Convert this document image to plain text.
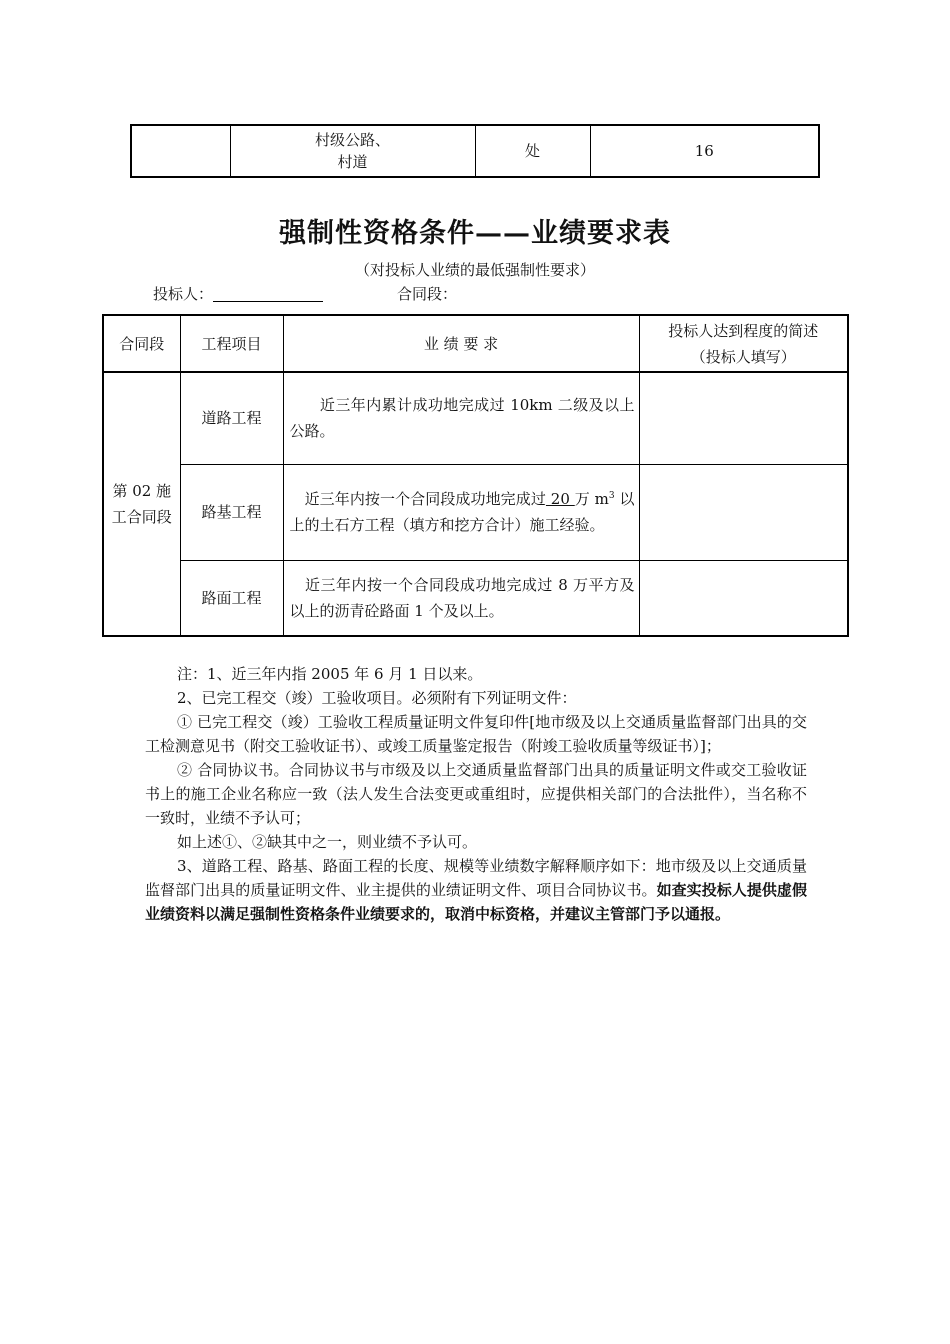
	村级公路、
村道	处	16
强制性资格条件——业绩要求表
（对投标人业绩的最低强制性要求）
投标人：	合同段：
合同段	工程项目	业 绩 要 求	投标人达到程度的简述
（投标人填写）
第 02 施
工合同段	道路工程	近三年内累计成功地完成过 10km 二级及以上公路。	
	路基工程	近三年内按一个合同段成功地完成过 20 万 $m^3$ 以上的土石方工程（填方和挖方合计）施工经验。	
	路面工程	近三年内按一个合同段成功地完成过 8 万平方及以上的沥青砼路面 1 个及以上。	

注：1、近三年内指 2005 年 6 月 1 日以来。

2、已完工程交（竣）工验收项目。必须附有下列证明文件：

① 已完工程交（竣）工验收工程质量证明文件复印件[地市级及以上交通质量监督部门出具的交工检测意见书（附交工验收证书）、或竣工质量鉴定报告（附竣工验收质量等级证书）]；

② 合同协议书。合同协议书与市级及以上交通质量监督部门出具的质量证明文件或交工验收证书上的施工企业名称应一致（法人发生合法变更或重组时，应提供相关部门的合法批件），当名称不一致时，业绩不予认可；

如上述①、②缺其中之一，则业绩不予认可。

3、道路工程、路基、路面工程的长度、规模等业绩数字解释顺序如下：地市级及以上交通质量监督部门出具的质量证明文件、业主提供的业绩证明文件、项目合同协议书。如查实投标人提供虚假业绩资料以满足强制性资格条件业绩要求的，取消中标资格，并建议主管部门予以通报。
